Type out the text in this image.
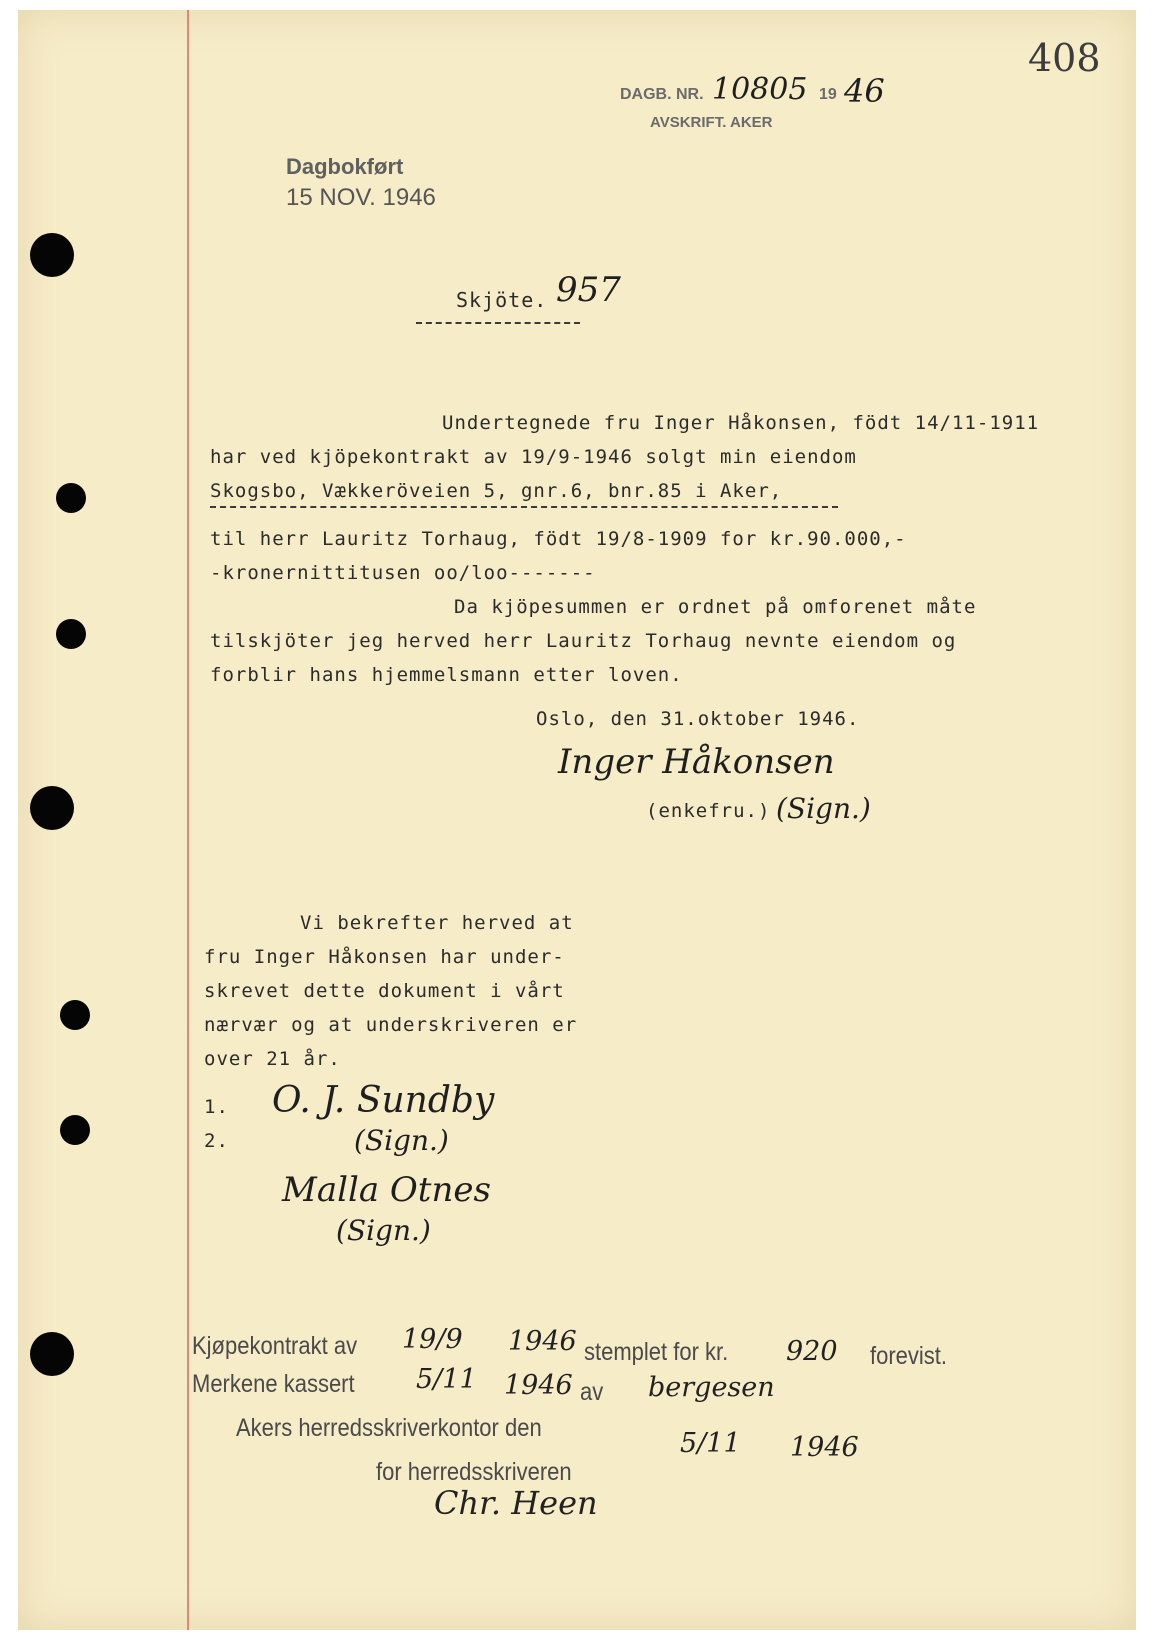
408

DAGB. NR. 10805 19 46

AVSKRIFT. AKER

Dagbokført

15 NOV. 1946

Skjöte. 957

Undertegnede fru Inger Håkonsen, födt 14/11-1911

har ved kjöpekontrakt av 19/9-1946 solgt min eiendom

Skogsbo, Vækkeröveien 5, gnr.6, bnr.85 i Aker,

til herr Lauritz Torhaug, födt 19/8-1909 for kr.90.000,-

-kronernittitusen oo/loo-------

Da kjöpesummen er ordnet på omforenet måte

tilskjöter jeg herved herr Lauritz Torhaug nevnte eiendom og

forblir hans hjemmelsmann etter loven.

Oslo, den 31.oktober 1946.

Inger Håkonsen

(enkefru.) (Sign.)

Vi bekrefter herved at

fru Inger Håkonsen har under-

skrevet dette dokument i vårt

nærvær og at underskriveren er

over 21 år.

1.

2.

O. J. Sundby

(Sign.)

Malla Otnes

(Sign.)

Kjøpekontrakt av 19/9 1946 stemplet for kr. 920 forevist.

Merkene kassert 5/11 1946 av bergesen

Akers herredsskriverkontor den	5/11 1946

for herredsskriveren

Chr. Heen
